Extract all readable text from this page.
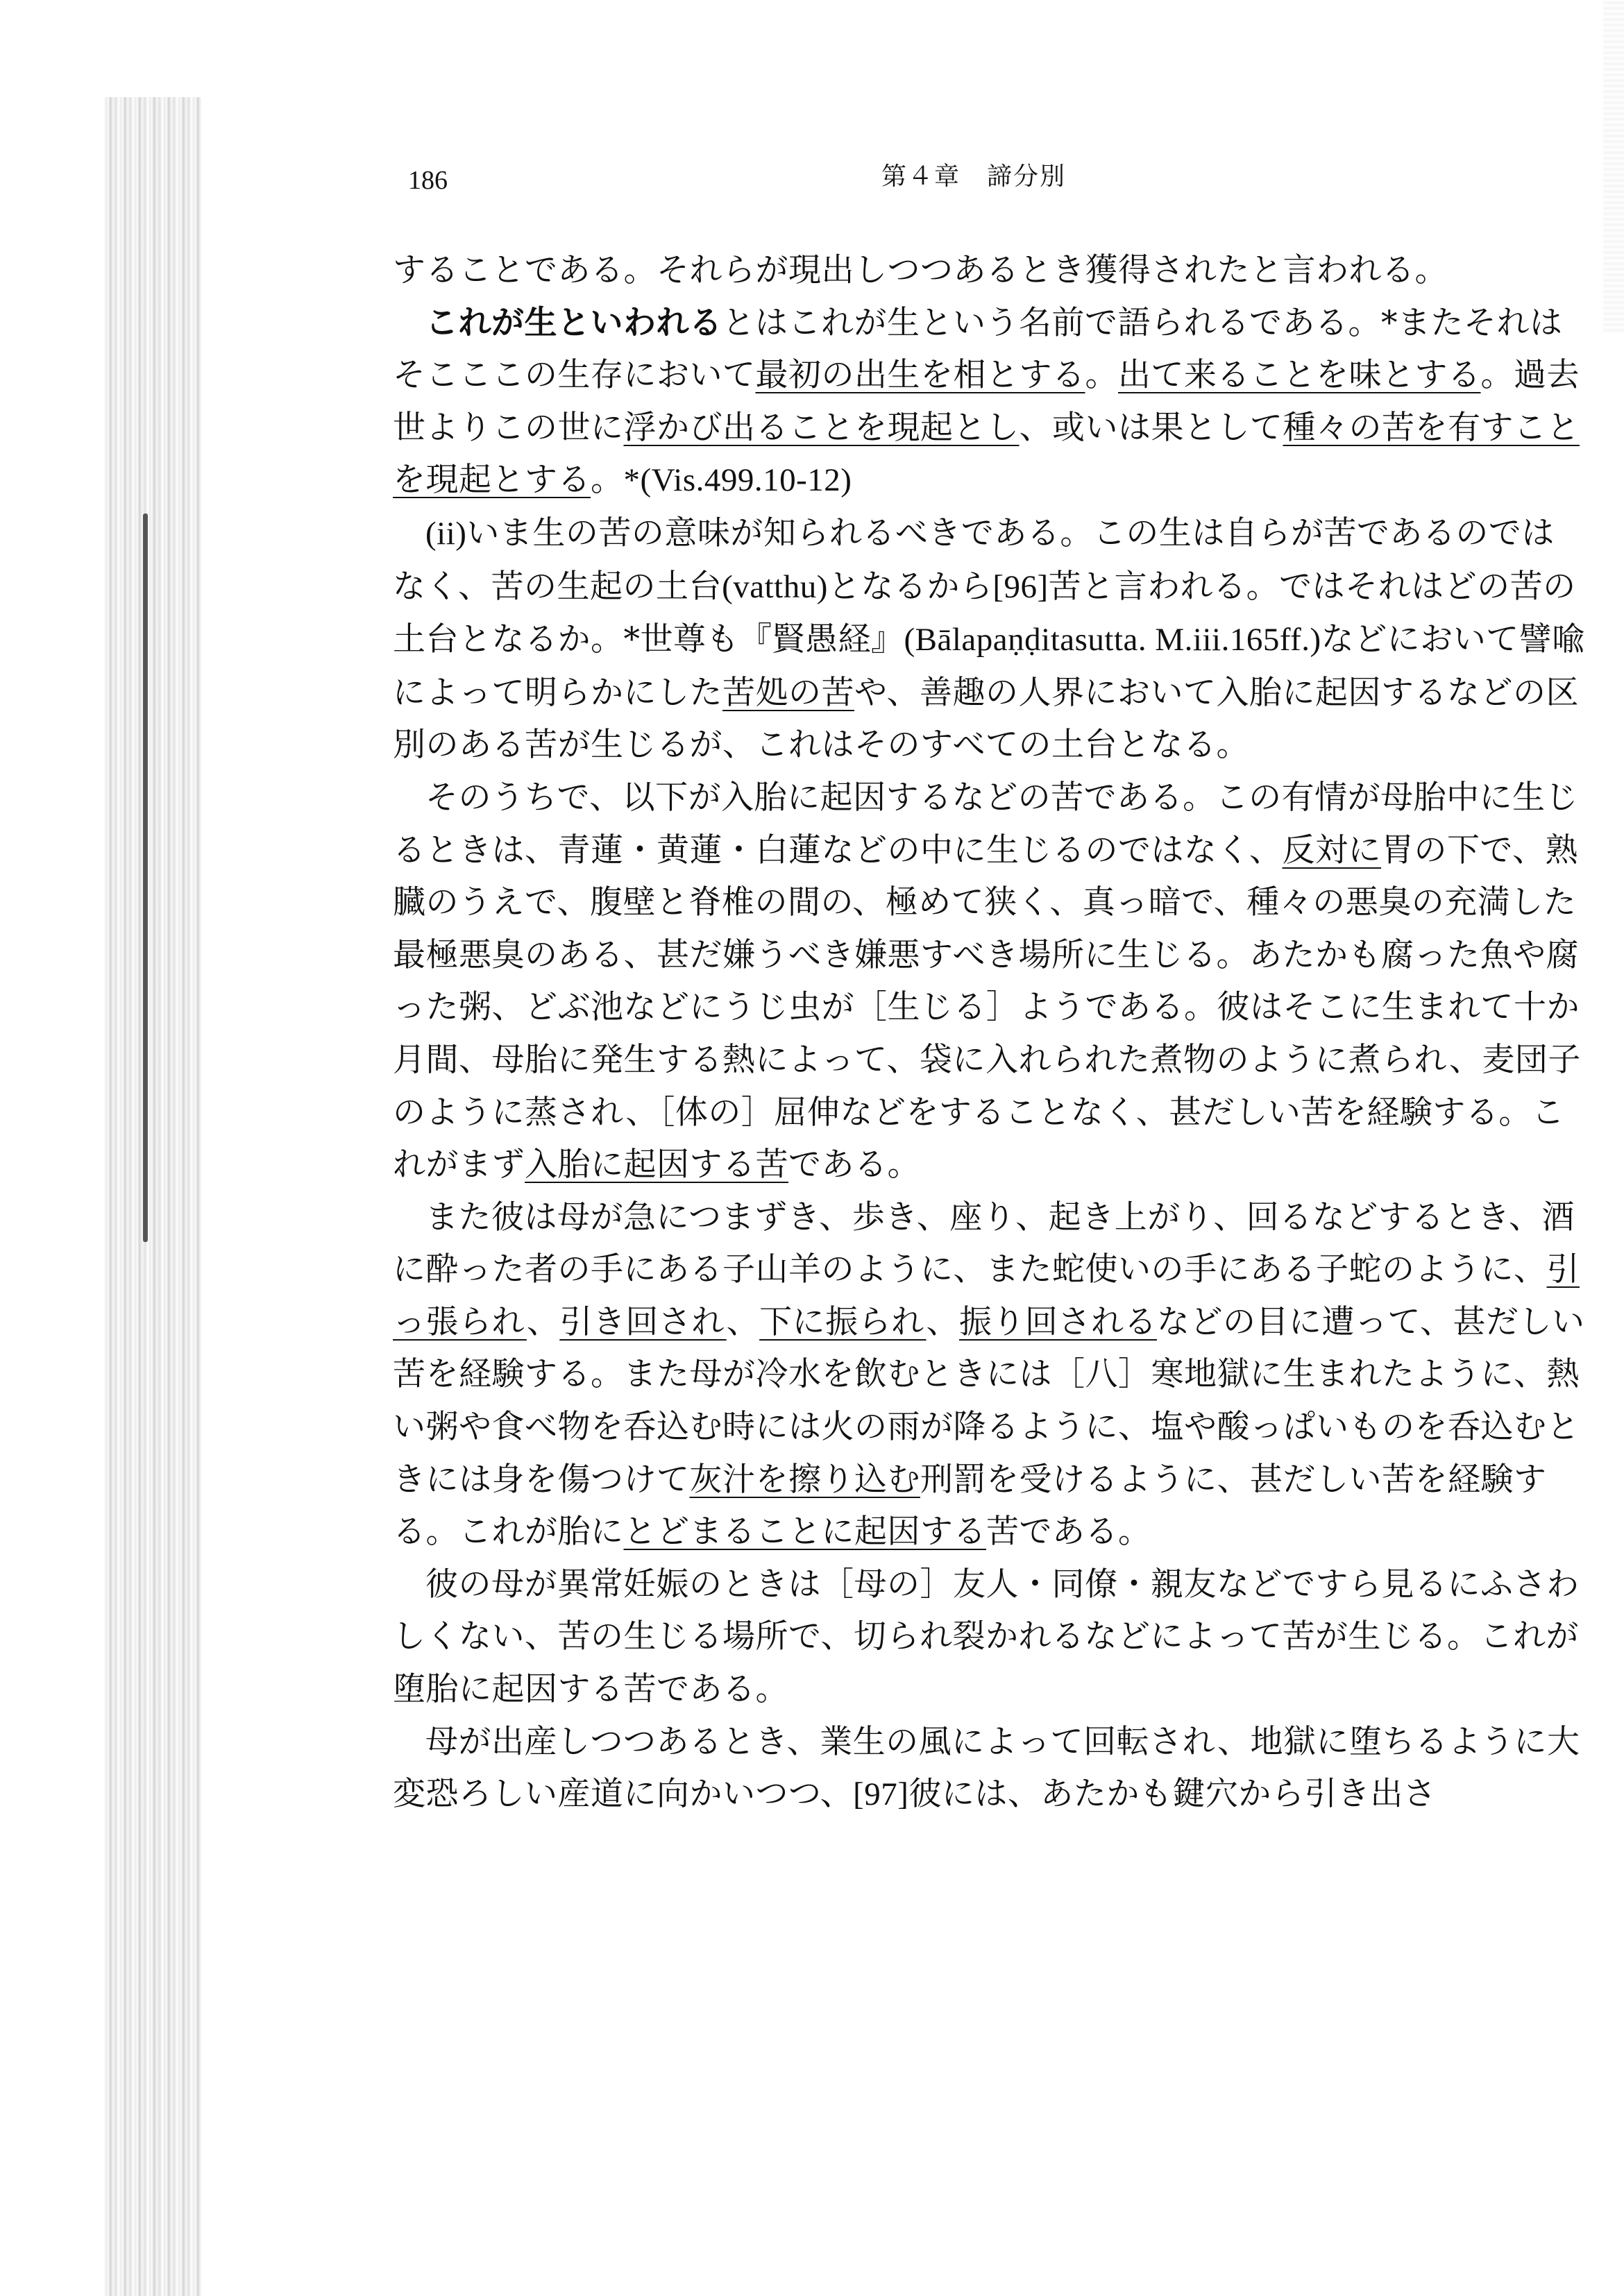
186	第４章　諦分別

することである。それらが現出しつつあるとき獲得されたと言われる。

これが生といわれるとはこれが生という名前で語られるである。*またそれはそこここの生存において最初の出生を相とする。出て来ることを味とする。過去世よりこの世に浮かび出ることを現起とし、或いは果として種々の苦を有すことを現起とする。*(Vis.499.10-12)

(ii)いま生の苦の意味が知られるべきである。この生は自らが苦であるのではなく、苦の生起の土台(vatthu)となるから[96]苦と言われる。ではそれはどの苦の土台となるか。*世尊も『賢愚経』(Bālapaṇḍitasutta. M.iii.165ff.)などにおいて譬喩によって明らかにした苦処の苦や、善趣の人界において入胎に起因するなどの区別のある苦が生じるが、これはそのすべての土台となる。

そのうちで、以下が入胎に起因するなどの苦である。この有情が母胎中に生じるときは、青蓮・黄蓮・白蓮などの中に生じるのではなく、反対に胃の下で、熟臓のうえで、腹壁と脊椎の間の、極めて狭く、真っ暗で、種々の悪臭の充満した最極悪臭のある、甚だ嫌うべき嫌悪すべき場所に生じる。あたかも腐った魚や腐った粥、どぶ池などにうじ虫が［生じる］ようである。彼はそこに生まれて十か月間、母胎に発生する熱によって、袋に入れられた煮物のように煮られ、麦団子のように蒸され、［体の］屈伸などをすることなく、甚だしい苦を経験する。これがまず入胎に起因する苦である。

また彼は母が急につまずき、歩き、座り、起き上がり、回るなどするとき、酒に酔った者の手にある子山羊のように、また蛇使いの手にある子蛇のように、引っ張られ、引き回され、下に振られ、振り回されるなどの目に遭って、甚だしい苦を経験する。また母が冷水を飲むときには［八］寒地獄に生まれたように、熱い粥や食べ物を呑込む時には火の雨が降るように、塩や酸っぱいものを呑込むときには身を傷つけて灰汁を擦り込む刑罰を受けるように、甚だしい苦を経験する。これが胎にとどまることに起因する苦である。

彼の母が異常妊娠のときは［母の］友人・同僚・親友などですら見るにふさわしくない、苦の生じる場所で、切られ裂かれるなどによって苦が生じる。これが堕胎に起因する苦である。

母が出産しつつあるとき、業生の風によって回転され、地獄に堕ちるように大変恐ろしい産道に向かいつつ、[97]彼には、あたかも鍵穴から引き出さ
